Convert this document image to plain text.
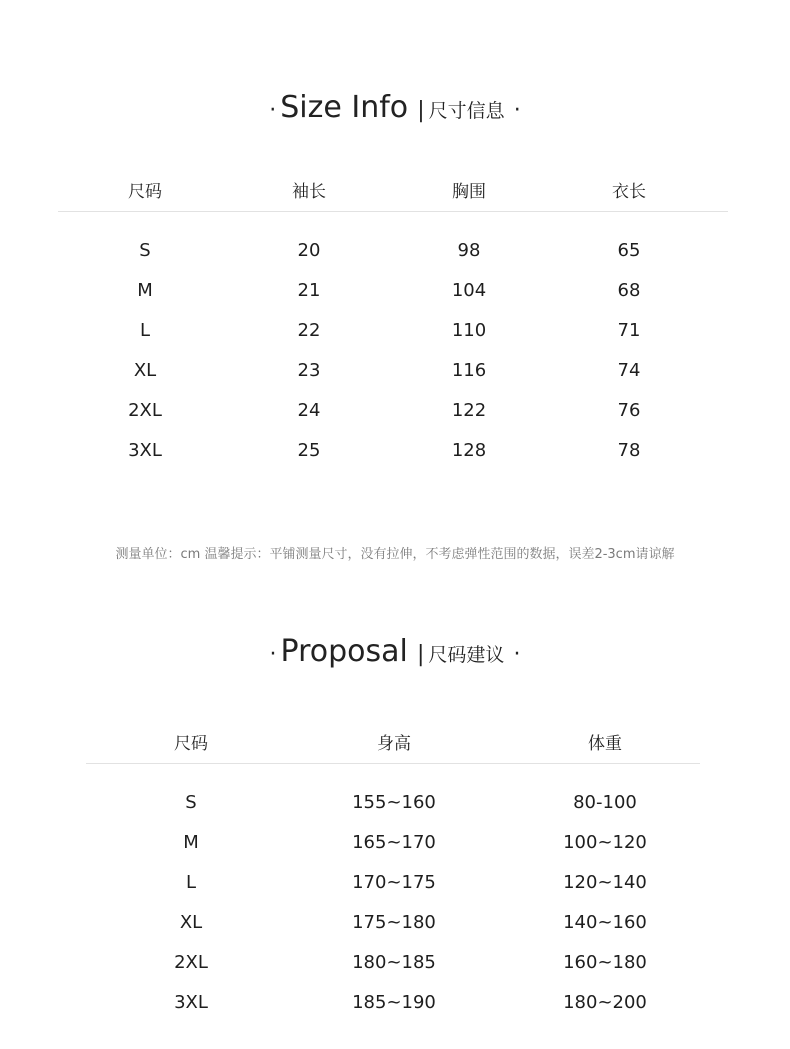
· Size Info | 尺寸信息 ·
尺码	袖长	胸围	衣长
S	20	98	65
M	21	104	68
L	22	110	71
XL	23	116	74
2XL	24	122	76
3XL	25	128	78
测量单位：cm 温馨提示：平铺测量尺寸，没有拉伸，不考虑弹性范围的数据，误差2-3cm请谅解
· Proposal | 尺码建议 ·
尺码	身高	体重
S	155~160	80-100
M	165~170	100~120
L	170~175	120~140
XL	175~180	140~160
2XL	180~185	160~180
3XL	185~190	180~200
